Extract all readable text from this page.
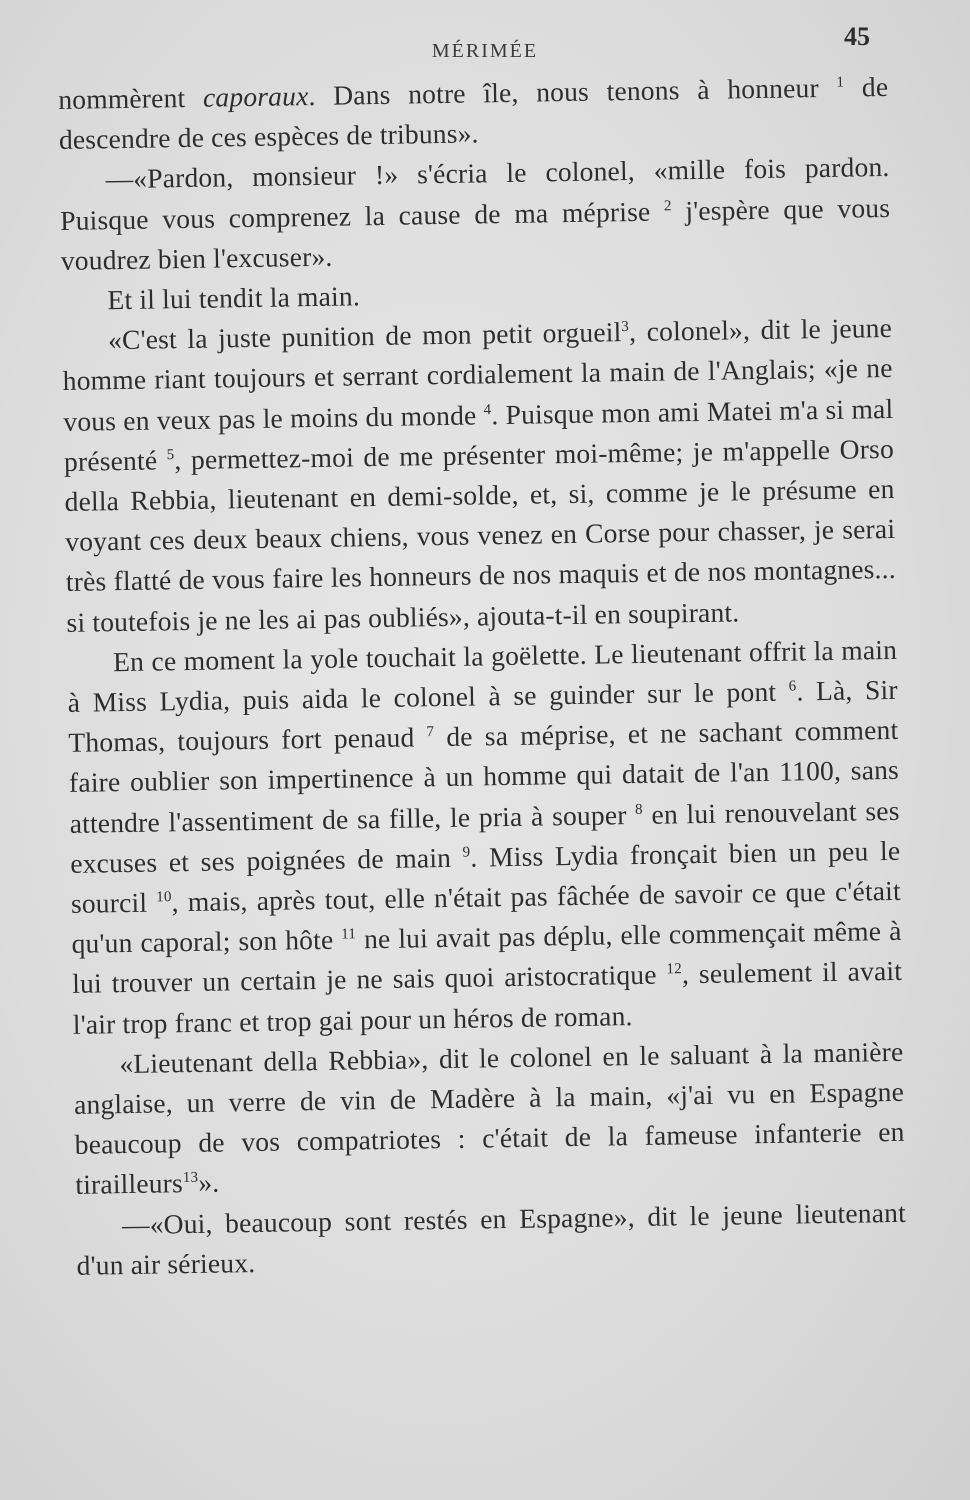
MÉRIMÉE	45

nommèrent caporaux. Dans notre île, nous tenons à honneur $^1$ de descendre de ces espèces de tribuns».

—«Pardon, monsieur !» s'écria le colonel, «mille fois pardon. Puisque vous comprenez la cause de ma méprise $^2$ j'espère que vous voudrez bien l'excuser».

Et il lui tendit la main.

«C'est la juste punition de mon petit orgueil$^3$, colonel», dit le jeune homme riant toujours et serrant cordialement la main de l'Anglais; «je ne vous en veux pas le moins du monde $^4$. Puisque mon ami Matei m'a si mal présenté $^5$, permettez-moi de me présenter moi-même; je m'appelle Orso della Rebbia, lieutenant en demi-solde, et, si, comme je le présume en voyant ces deux beaux chiens, vous venez en Corse pour chasser, je serai très flatté de vous faire les honneurs de nos maquis et de nos montagnes... si toutefois je ne les ai pas oubliés», ajouta-t-il en soupirant.

En ce moment la yole touchait la goëlette. Le lieutenant offrit la main à Miss Lydia, puis aida le colonel à se guinder sur le pont $^6$. Là, Sir Thomas, toujours fort penaud $^7$ de sa méprise, et ne sachant comment faire oublier son impertinence à un homme qui datait de l'an 1100, sans attendre l'assentiment de sa fille, le pria à souper $^8$ en lui renouvelant ses excuses et ses poignées de main $^9$. Miss Lydia fronçait bien un peu le sourcil $^{10}$, mais, après tout, elle n'était pas fâchée de savoir ce que c'était qu'un caporal; son hôte $^{11}$ ne lui avait pas déplu, elle commençait même à lui trouver un certain je ne sais quoi aristocratique $^{12}$, seulement il avait l'air trop franc et trop gai pour un héros de roman.

«Lieutenant della Rebbia», dit le colonel en le saluant à la manière anglaise, un verre de vin de Madère à la main, «j'ai vu en Espagne beaucoup de vos compatriotes : c'était de la fameuse infanterie en tirailleurs$^{13}$».

—«Oui, beaucoup sont restés en Espagne», dit le jeune lieutenant d'un air sérieux.
